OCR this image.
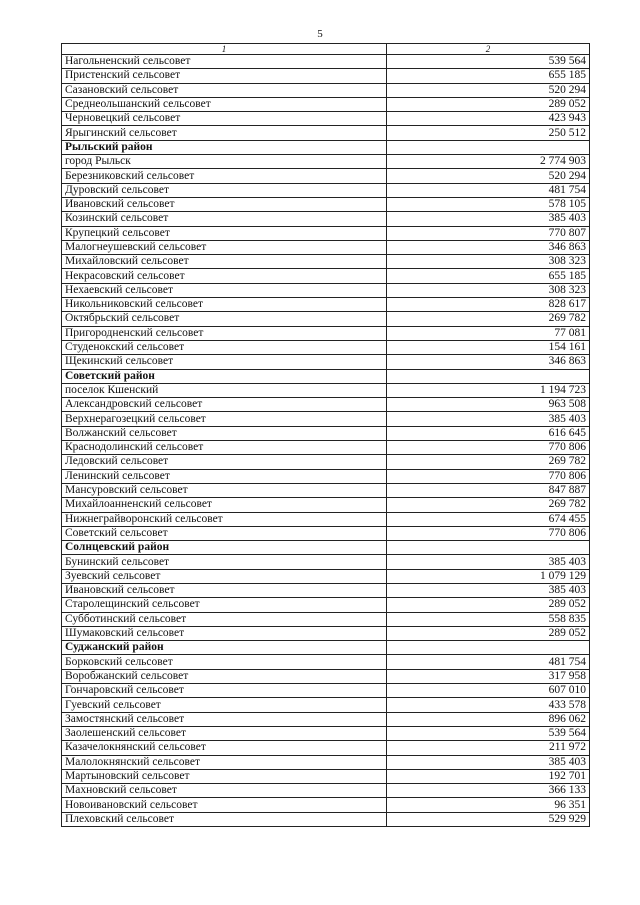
5
1	2
Нагольненский сельсовет	539 564
Пристенский сельсовет	655 185
Сазановский сельсовет	520 294
Среднеольшанский сельсовет	289 052
Черновецкий сельсовет	423 943
Ярыгинский сельсовет	250 512
Рыльский район	
город Рыльск	2 774 903
Березниковский сельсовет	520 294
Дуровский сельсовет	481 754
Ивановский сельсовет	578 105
Козинский сельсовет	385 403
Крупецкий сельсовет	770 807
Малогнеушевский сельсовет	346 863
Михайловский сельсовет	308 323
Некрасовский сельсовет	655 185
Нехаевский сельсовет	308 323
Никольниковский сельсовет	828 617
Октябрьский сельсовет	269 782
Пригородненский сельсовет	77 081
Студенокский сельсовет	154 161
Щекинский сельсовет	346 863
Советский район	
поселок Кшенский	1 194 723
Александровский сельсовет	963 508
Верхнерагозецкий сельсовет	385 403
Волжанский сельсовет	616 645
Краснодолинский сельсовет	770 806
Ледовский сельсовет	269 782
Ленинский сельсовет	770 806
Мансуровский сельсовет	847 887
Михайлоанненский сельсовет	269 782
Нижнеграйворонский сельсовет	674 455
Советский сельсовет	770 806
Солнцевский район	
Бунинский сельсовет	385 403
Зуевский сельсовет	1 079 129
Ивановский сельсовет	385 403
Старолещинский сельсовет	289 052
Субботинский сельсовет	558 835
Шумаковский сельсовет	289 052
Суджанский район	
Борковский сельсовет	481 754
Воробжанский сельсовет	317 958
Гончаровский сельсовет	607 010
Гуевский сельсовет	433 578
Замостянский сельсовет	896 062
Заолешенский сельсовет	539 564
Казачелокнянский сельсовет	211 972
Малолокнянский сельсовет	385 403
Мартыновский сельсовет	192 701
Махновский сельсовет	366 133
Новоивановский сельсовет	96 351
Плеховский сельсовет	529 929
